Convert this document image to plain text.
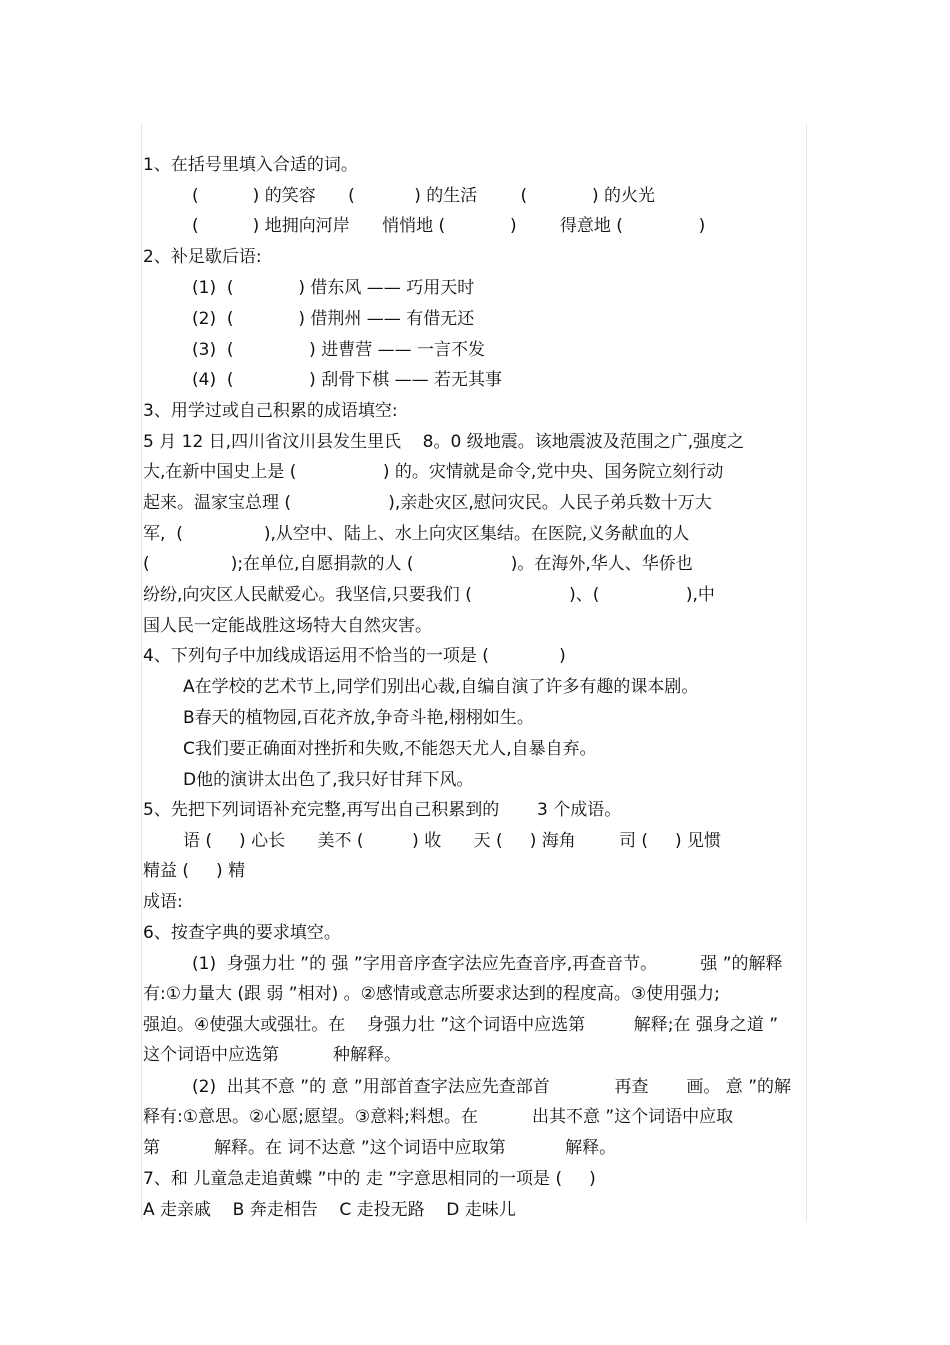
1、在括号里填入合适的词。
(          ) 的笑容      (           ) 的生活        (            ) 的火光
(          ) 地拥向河岸      悄悄地 (            )        得意地 (              )
2、补足歇后语:
(1)  (            ) 借东风 —— 巧用天时
(2)  (            ) 借荆州 —— 有借无还
(3)  (              ) 进曹营 —— 一言不发
(4)  (              ) 刮骨下棋 —— 若无其事
3、用学过或自己积累的成语填空:
5 月 12 日,四川省汶川县发生里氏    8。0 级地震。该地震波及范围之广,强度之
大,在新中国史上是 (                ) 的。灾情就是命令,党中央、国务院立刻行动
起来。温家宝总理 (                  ),亲赴灾区,慰问灾民。人民子弟兵数十万大
军,  (               ),从空中、陆上、水上向灾区集结。在医院,义务献血的人
(               );在单位,自愿捐款的人 (                  )。在海外,华人、华侨也
纷纷,向灾区人民献爱心。我坚信,只要我们 (                  )、(                ),中
国人民一定能战胜这场特大自然灾害。
4、下列句子中加线成语运用不恰当的一项是 (             )
A在学校的艺术节上,同学们别出心裁,自编自演了许多有趣的课本剧。
B春天的植物园,百花齐放,争奇斗艳,栩栩如生。
C我们要正确面对挫折和失败,不能怨天尤人,自暴自弃。
D他的演讲太出色了,我只好甘拜下风。
5、先把下列词语补充完整,再写出自己积累到的       3 个成语。
语 (     ) 心长      美不 (         ) 收      天 (     ) 海角        司 (     ) 见惯
精益 (     ) 精
成语:
6、按查字典的要求填空。
(1)  身强力壮 ”的 强 ”字用音序查字法应先查音序,再查音节。        强 ”的解释
有:①力量大 (跟 弱 ”相对) 。②感情或意志所要求达到的程度高。③使用强力;
强迫。④使强大或强壮。在    身强力壮 ”这个词语中应选第         解释;在 强身之道 ”
这个词语中应选第          种解释。
(2)  出其不意 ”的 意 ”用部首查字法应先查部首            再查       画。 意 ”的解
释有:①意思。②心愿;愿望。③意料;料想。在          出其不意 ”这个词语中应取
第          解释。在 词不达意 ”这个词语中应取第           解释。
7、和 儿童急走追黄蝶 ”中的 走 ”字意思相同的一项是 (     )
A 走亲戚    B 奔走相告    C 走投无路    D 走味儿
